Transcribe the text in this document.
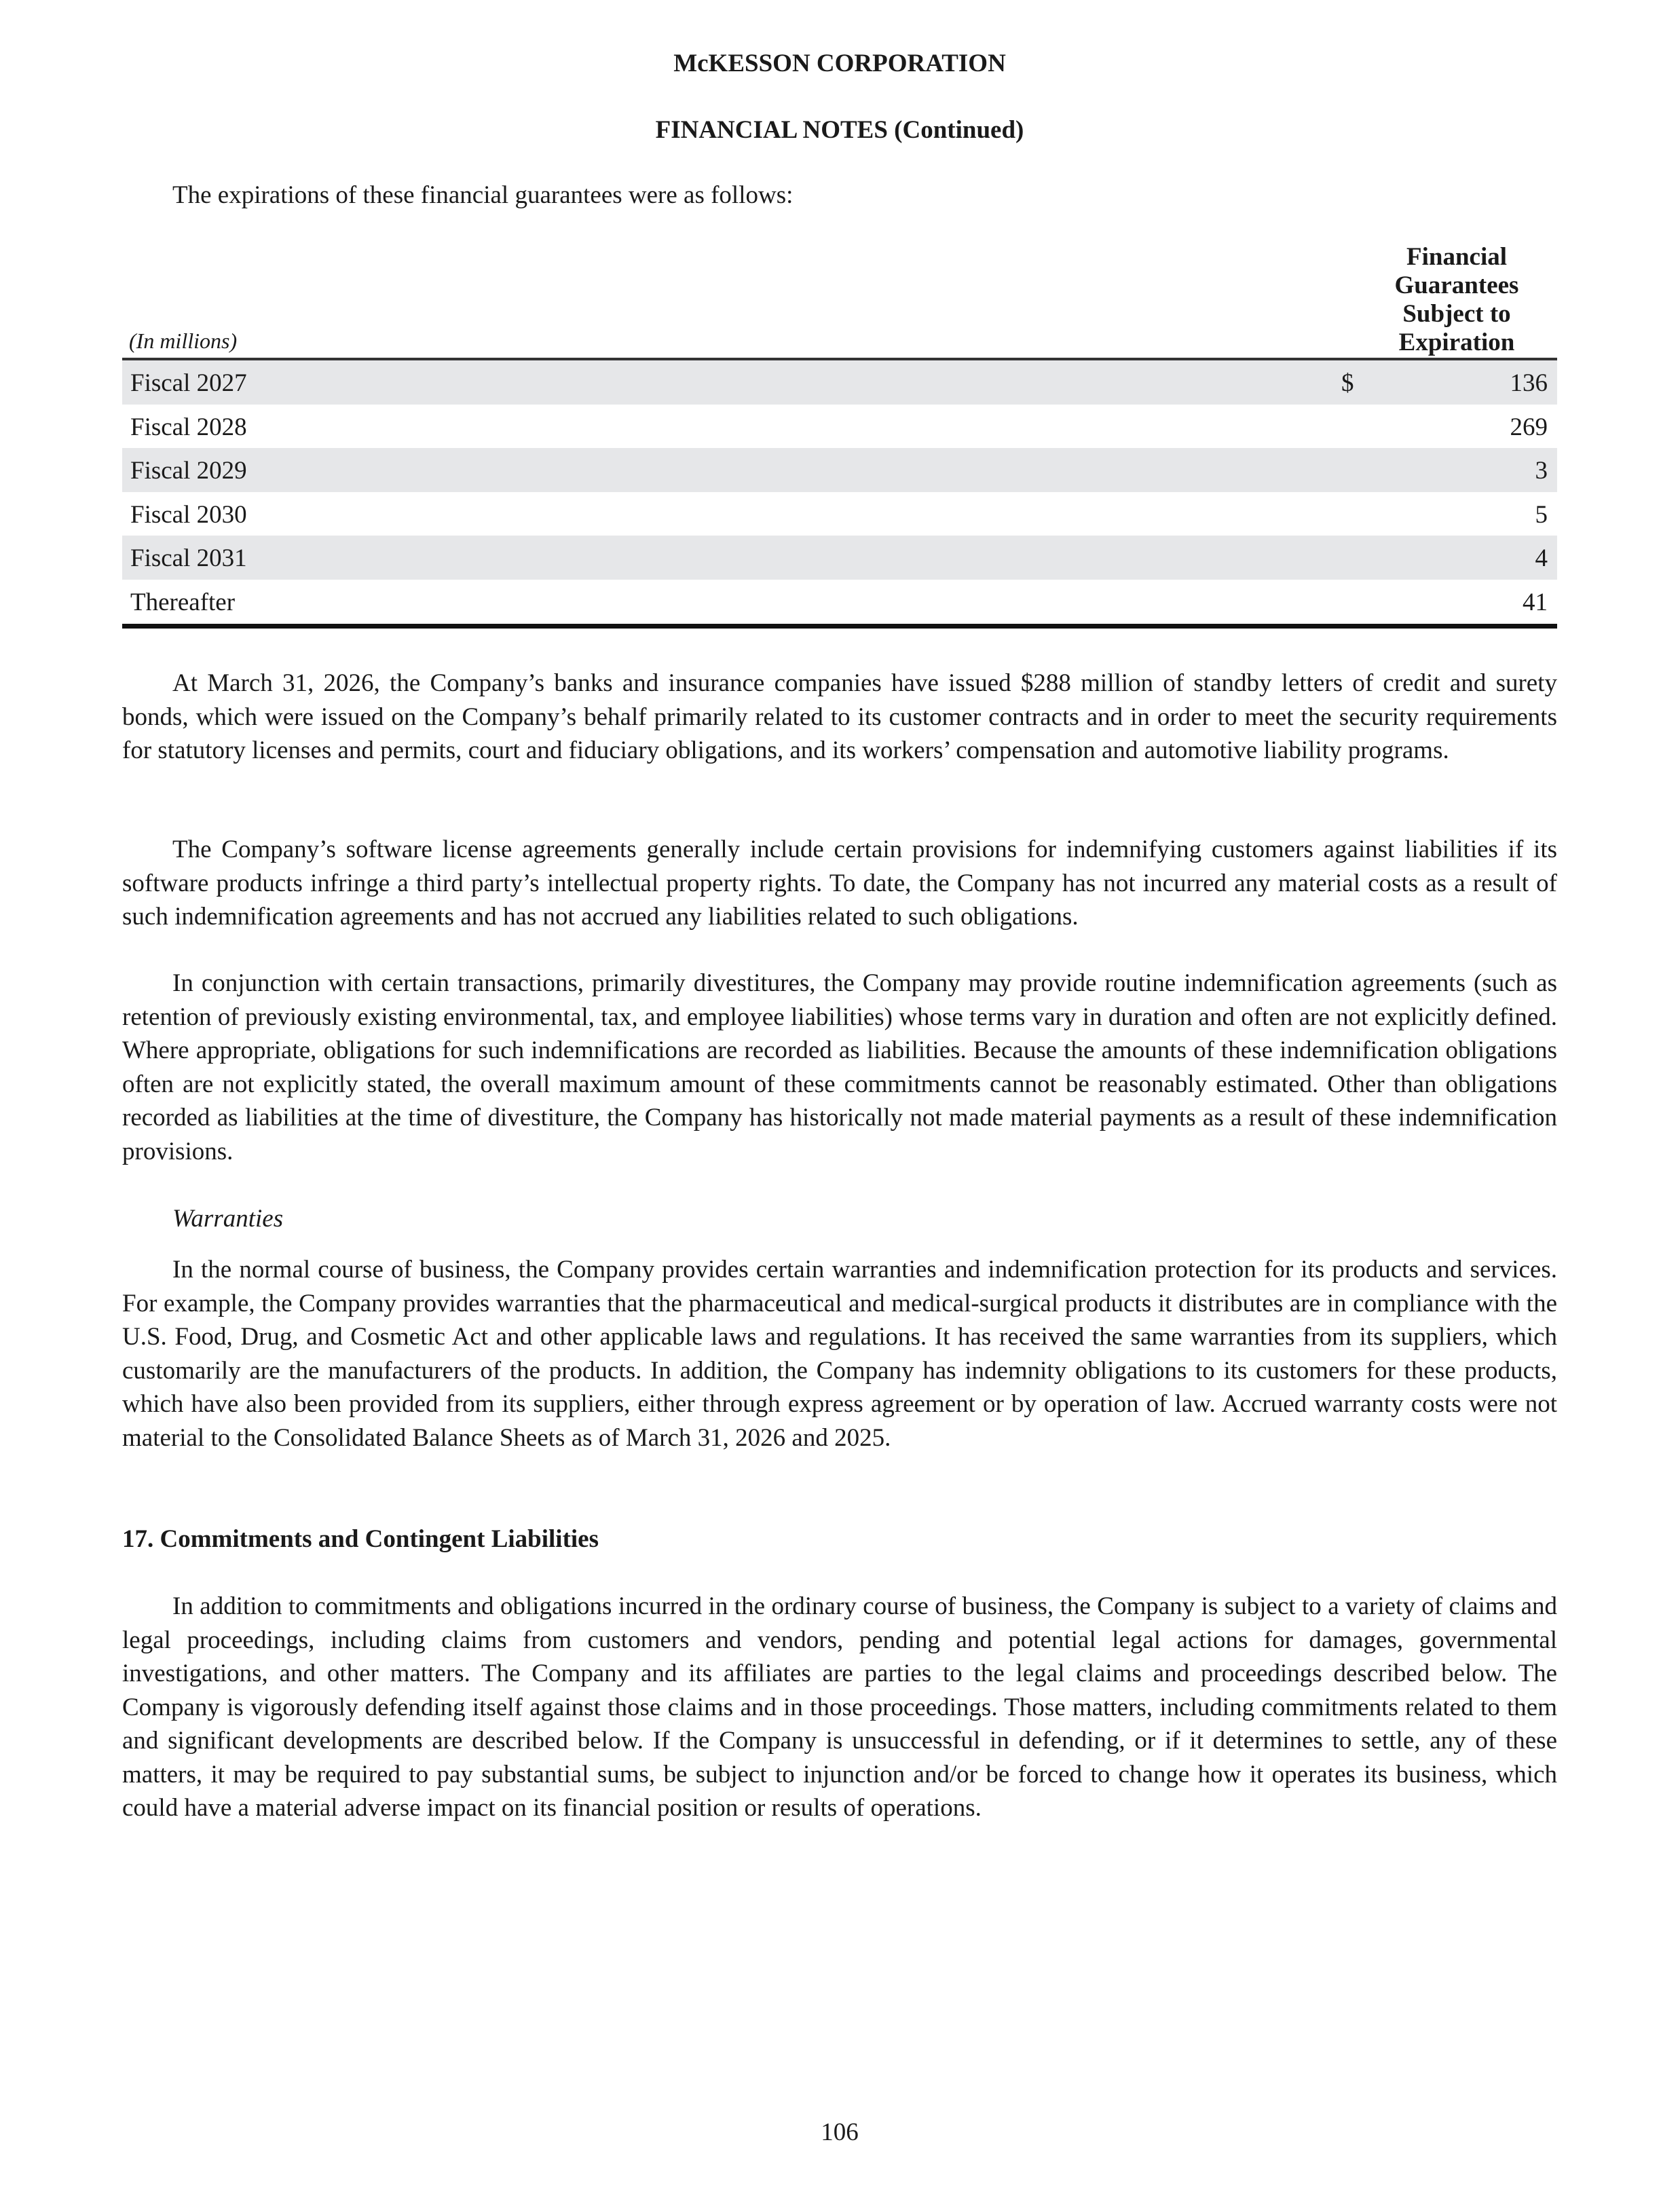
McKESSON CORPORATION
FINANCIAL NOTES (Continued)
The expirations of these financial guarantees were as follows:
(In millions)
Financial
Guarantees
Subject to
Expiration
Fiscal 2027	$	136
Fiscal 2028	269
Fiscal 2029	3
Fiscal 2030	5
Fiscal 2031	4
Thereafter	41
At March 31, 2026, the Company’s banks and insurance companies have issued $288 million of standby letters of credit and surety bonds, which were issued on the Company’s behalf primarily related to its customer contracts and in order to meet the security requirements for statutory licenses and permits, court and fiduciary obligations, and its workers’ compensation and automotive liability programs.
The Company’s software license agreements generally include certain provisions for indemnifying customers against liabilities if its software products infringe a third party’s intellectual property rights. To date, the Company has not incurred any material costs as a result of such indemnification agreements and has not accrued any liabilities related to such obligations.
In conjunction with certain transactions, primarily divestitures, the Company may provide routine indemnification agreements (such as retention of previously existing environmental, tax, and employee liabilities) whose terms vary in duration and often are not explicitly defined. Where appropriate, obligations for such indemnifications are recorded as liabilities. Because the amounts of these indemnification obligations often are not explicitly stated, the overall maximum amount of these commitments cannot be reasonably estimated. Other than obligations recorded as liabilities at the time of divestiture, the Company has historically not made material payments as a result of these indemnification provisions.
Warranties
In the normal course of business, the Company provides certain warranties and indemnification protection for its products and services. For example, the Company provides warranties that the pharmaceutical and medical-surgical products it distributes are in compliance with the U.S. Food, Drug, and Cosmetic Act and other applicable laws and regulations. It has received the same warranties from its suppliers, which customarily are the manufacturers of the products. In addition, the Company has indemnity obligations to its customers for these products, which have also been provided from its suppliers, either through express agreement or by operation of law. Accrued warranty costs were not material to the Consolidated Balance Sheets as of March 31, 2026 and 2025.
17. Commitments and Contingent Liabilities
In addition to commitments and obligations incurred in the ordinary course of business, the Company is subject to a variety of claims and legal proceedings, including claims from customers and vendors, pending and potential legal actions for damages, governmental investigations, and other matters. The Company and its affiliates are parties to the legal claims and proceedings described below. The Company is vigorously defending itself against those claims and in those proceedings. Those matters, including commitments related to them and significant developments are described below. If the Company is unsuccessful in defending, or if it determines to settle, any of these matters, it may be required to pay substantial sums, be subject to injunction and/or be forced to change how it operates its business, which could have a material adverse impact on its financial position or results of operations.
106
